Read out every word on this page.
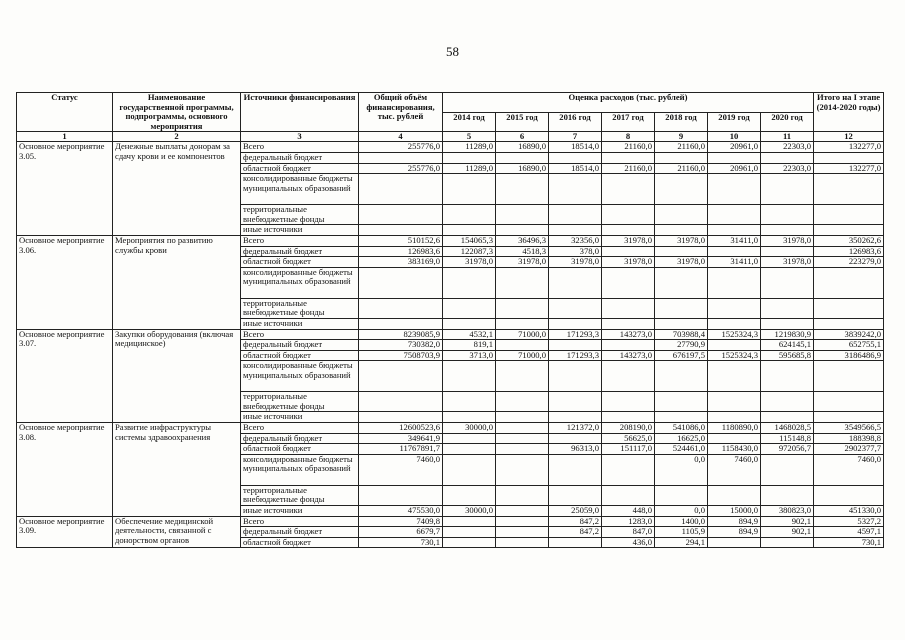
58
Статус	Наименование государственной программы, подпрограммы, основного мероприятия	Источники финансирования	Общий объём финансирования, тыс. рублей	Оценка расходов (тыс. рублей)							Итого на I этапе (2014-2020 годы)
				2014 год	2015 год	2016 год	2017 год	2018 год	2019 год	2020 год	
1	2	3	4	5	6	7	8	9	10	11	12
Основное мероприятие 3.05.	Денежные выплаты донорам за сдачу крови и ее компонентов	Всего	255776,0	11289,0	16890,0	18514,0	21160,0	21160,0	20961,0	22303,0	132277,0
		федеральный бюджет									
		областной бюджет	255776,0	11289,0	16890,0	18514,0	21160,0	21160,0	20961,0	22303,0	132277,0
		консолидированные бюджеты муниципальных образований									
		территориальные внебюджетные фонды									
		иные источники									
Основное мероприятие 3.06.	Мероприятия по развитию службы крови	Всего	510152,6	154065,3	36496,3	32356,0	31978,0	31978,0	31411,0	31978,0	350262,6
		федеральный бюджет	126983,6	122087,3	4518,3	378,0					126983,6
		областной бюджет	383169,0	31978,0	31978,0	31978,0	31978,0	31978,0	31411,0	31978,0	223279,0
		консолидированные бюджеты муниципальных образований									
		территориальные внебюджетные фонды									
		иные источники									
Основное мероприятие 3.07.	Закупки оборудования (включая медицинское)	Всего	8239085,9	4532,1	71000,0	171293,3	143273,0	703988,4	1525324,3	1219830,9	3839242,0
		федеральный бюджет	730382,0	819,1				27790,9		624145,1	652755,1
		областной бюджет	7508703,9	3713,0	71000,0	171293,3	143273,0	676197,5	1525324,3	595685,8	3186486,9
		консолидированные бюджеты муниципальных образований									
		территориальные внебюджетные фонды									
		иные источники									
Основное мероприятие 3.08.	Развитие инфраструктуры системы здравоохранения	Всего	12600523,6	30000,0		121372,0	208190,0	541086,0	1180890,0	1468028,5	3549566,5
		федеральный бюджет	349641,9				56625,0	16625,0		115148,8	188398,8
		областной бюджет	11767891,7			96313,0	151117,0	524461,0	1158430,0	972056,7	2902377,7
		консолидированные бюджеты муниципальных образований	7460,0					0,0	7460,0		7460,0
		территориальные внебюджетные фонды									
		иные источники	475530,0	30000,0		25059,0	448,0	0,0	15000,0	380823,0	451330,0
Основное мероприятие 3.09.	Обеспечение медицинской деятельности, связанной с донорством органов	Всего	7409,8			847,2	1283,0	1400,0	894,9	902,1	5327,2
		федеральный бюджет	6679,7			847,2	847,0	1105,9	894,9	902,1	4597,1
		областной бюджет	730,1				436,0	294,1			730,1
